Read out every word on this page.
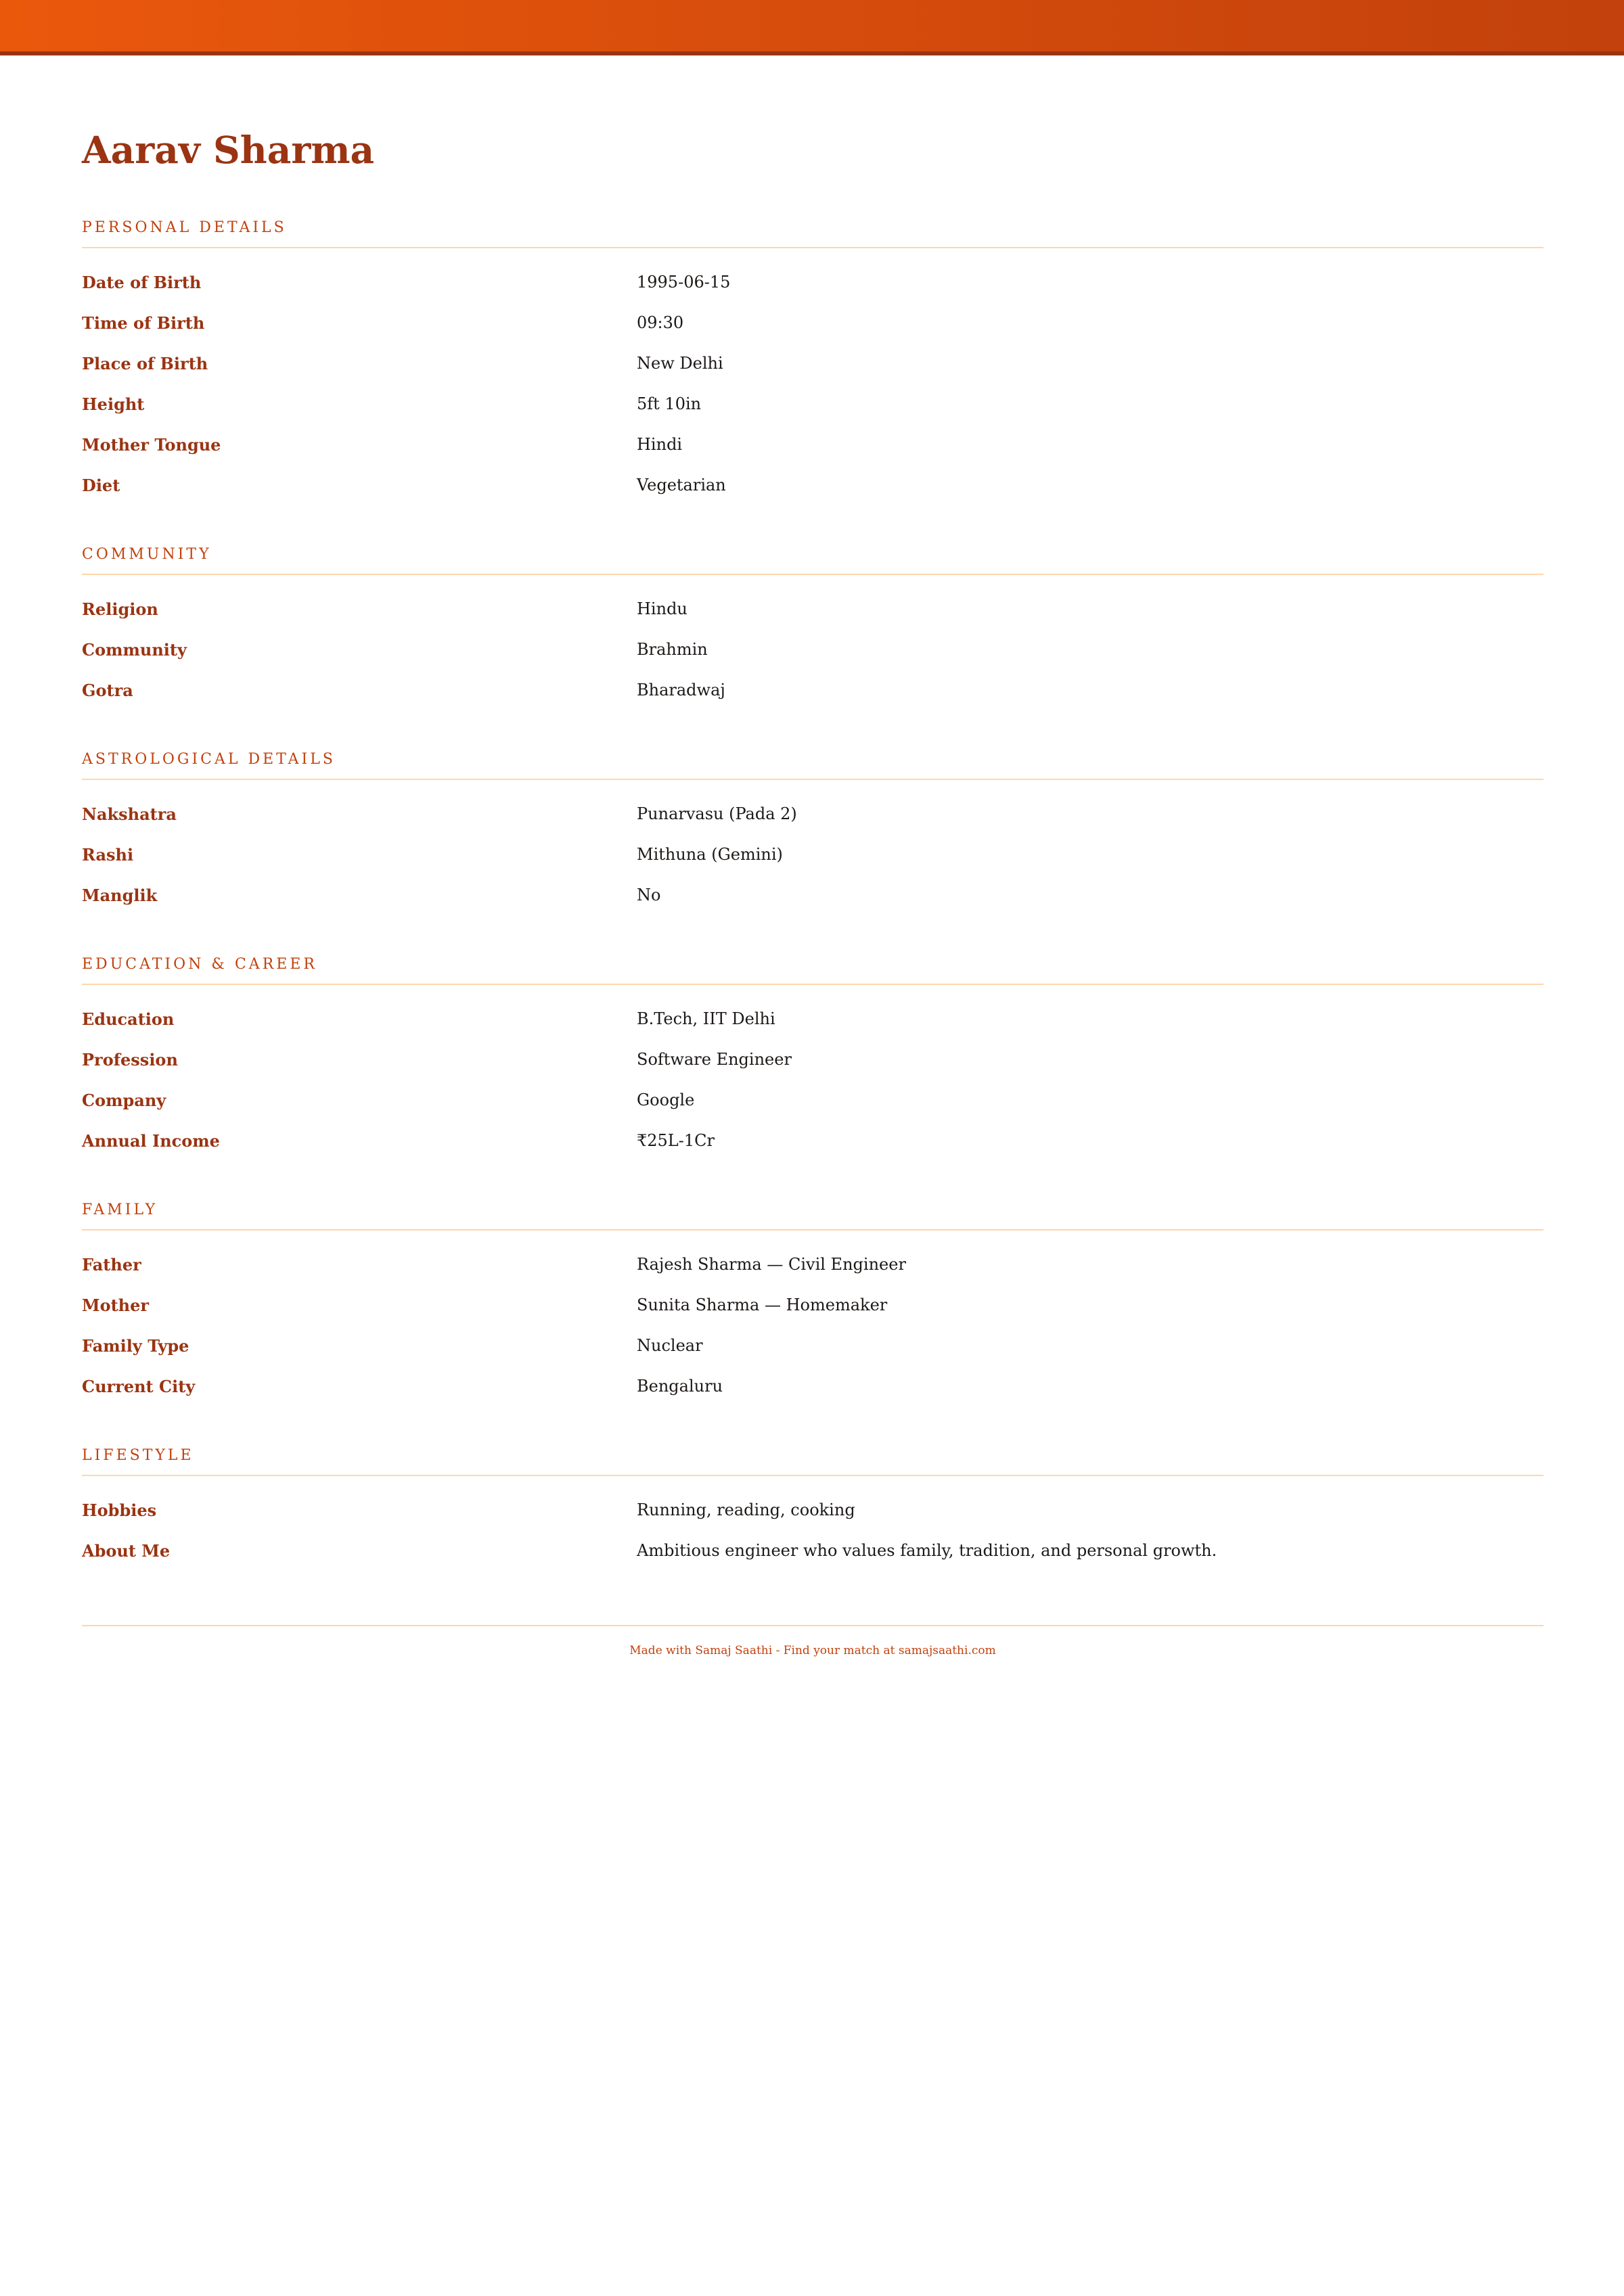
Aarav Sharma
PERSONAL DETAILS
Date of Birth	1995-06-15
Time of Birth	09:30
Place of Birth	New Delhi
Height	5ft 10in
Mother Tongue	Hindi
Diet	Vegetarian
COMMUNITY
Religion	Hindu
Community	Brahmin
Gotra	Bharadwaj
ASTROLOGICAL DETAILS
Nakshatra	Punarvasu (Pada 2)
Rashi	Mithuna (Gemini)
Manglik	No
EDUCATION & CAREER
Education	B.Tech, IIT Delhi
Profession	Software Engineer
Company	Google
Annual Income	₹25L-1Cr
FAMILY
Father	Rajesh Sharma — Civil Engineer
Mother	Sunita Sharma — Homemaker
Family Type	Nuclear
Current City	Bengaluru
LIFESTYLE
Hobbies	Running, reading, cooking
About Me	Ambitious engineer who values family, tradition, and personal growth.
Made with Samaj Saathi - Find your match at samajsaathi.com
